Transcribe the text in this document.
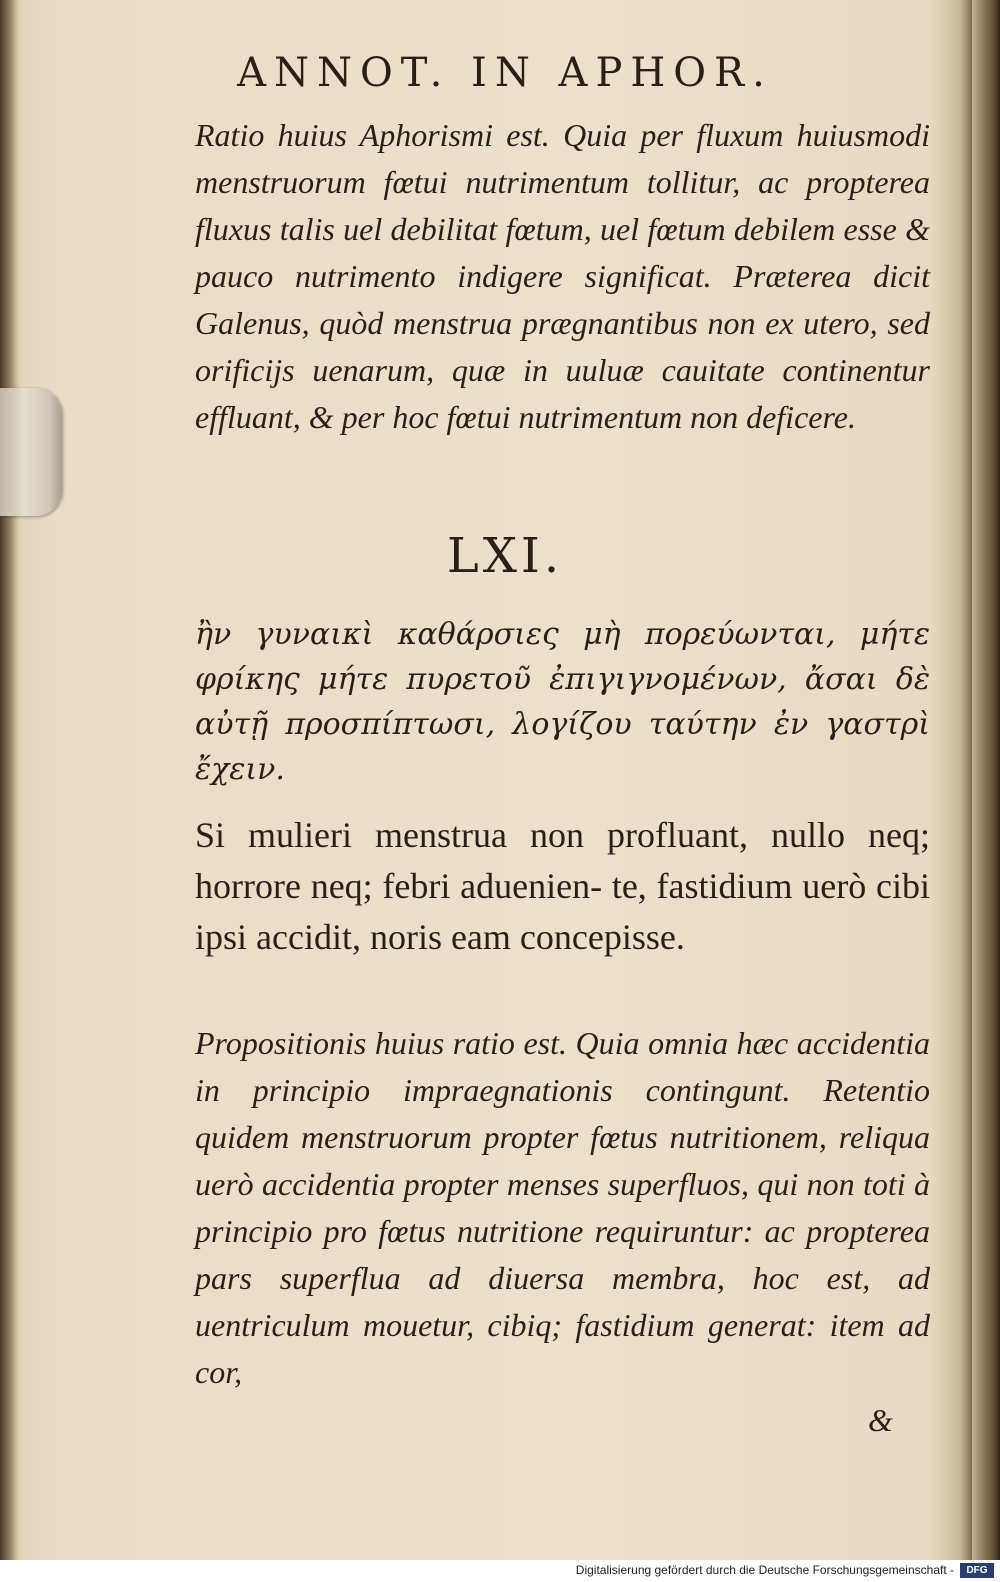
ANNOT. IN APHOR.

Ratio huius Aphorismi est. Quia per fluxum huiusmodi menstruorum fœtui nutrimentum tollitur, ac propterea fluxus talis uel debilitat fœtum, uel fœtum debilem esse & pauco nutrimento indigere significat. Præterea dicit Galenus, quòd menstrua prægnantibus non ex utero, sed orificijs uenarum, quæ in uuluæ cauitate continentur effluant, & per hoc fœtui nutrimentum non deficere.

LXI.

ἢν γυναικὶ καθάρσιες μὴ πορεύωνται, μήτε φρίκης μήτε πυρετοῦ ἐπιγιγνομένων, ἄσαι δὲ αὐτῇ προσπίπτωσι, λογίζου ταύτην ἐν γαστρὶ ἔχειν.

Si mulieri menstrua non profluant, nullo neq; horrore neq; febri aduenien- te, fastidium uerò cibi ipsi accidit, noris eam concepisse.

Propositionis huius ratio est. Quia omnia hæc accidentia in principio impraegnationis contingunt. Retentio quidem menstruorum propter fœtus nutritionem, reliqua uerò accidentia propter menses superfluos, qui non toti à principio pro fœtus nutritione requiruntur: ac propterea pars superflua ad diuersa membra, hoc est, ad uentriculum mouetur, cibiq; fastidium generat: item ad cor,

&
Digitalisierung gefördert durch die Deutsche Forschungsgemeinschaft -	DFG
